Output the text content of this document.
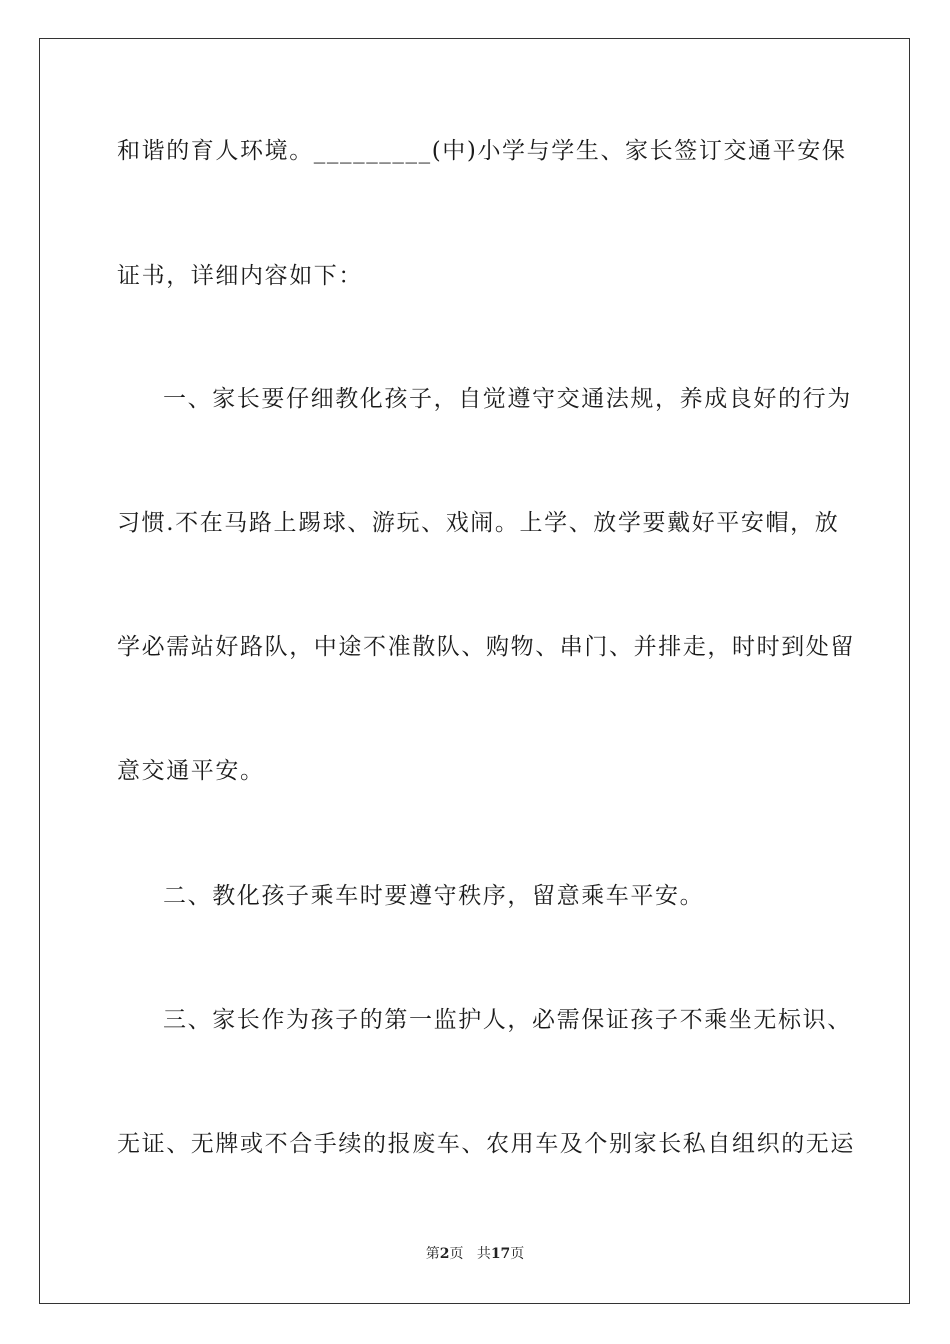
和谐的育人环境。_________(中)小学与学生、家长签订交通平安保
证书，详细内容如下：
一、家长要仔细教化孩子，自觉遵守交通法规，养成良好的行为
习惯.不在马路上踢球、游玩、戏闹。上学、放学要戴好平安帽，放
学必需站好路队，中途不准散队、购物、串门、并排走，时时到处留
意交通平安。
二、教化孩子乘车时要遵守秩序，留意乘车平安。
三、家长作为孩子的第一监护人，必需保证孩子不乘坐无标识、
无证、无牌或不合手续的报废车、农用车及个别家长私自组织的无运
第2页 共17页
